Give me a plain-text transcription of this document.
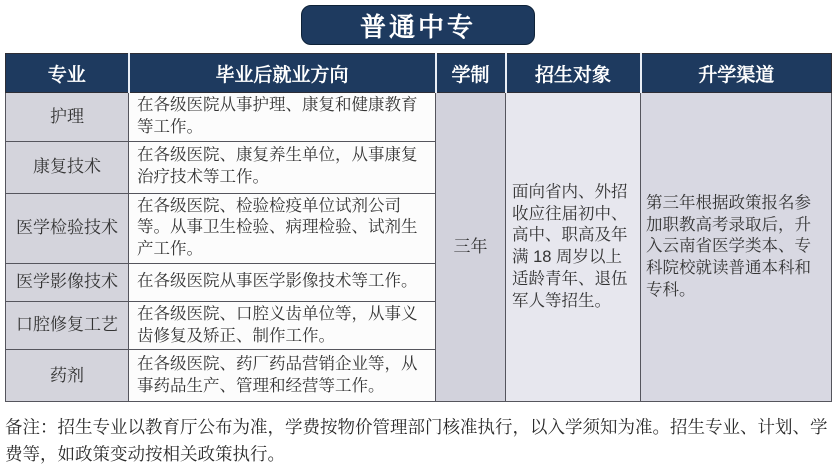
普通中专
专业	毕业后就业方向	学制	招生对象	升学渠道
护理	在各级医院从事护理、康复和健康教育等工作。	三年	面向省内、外招收应往届初中、高中、职高及年满 18 周岁以上适龄青年、退伍军人等招生。	第三年根据政策报名参加职教高考录取后，升入云南省医学类本、专科院校就读普通本科和专科。
康复技术	在各级医院、康复养生单位，从事康复治疗技术等工作。			
医学检验技术	在各级医院、检验检疫单位试剂公司等。从事卫生检验、病理检验、试剂生产工作。			
医学影像技术	在各级医院从事医学影像技术等工作。			
口腔修复工艺	在各级医院、口腔义齿单位等，从事义齿修复及矫正、制作工作。			
药剂	在各级医院、药厂药品营销企业等，从事药品生产、管理和经营等工作。			

备注：招生专业以教育厅公布为准，学费按物价管理部门核准执行，以入学须知为准。招生专业、计划、学费等，如政策变动按相关政策执行。
